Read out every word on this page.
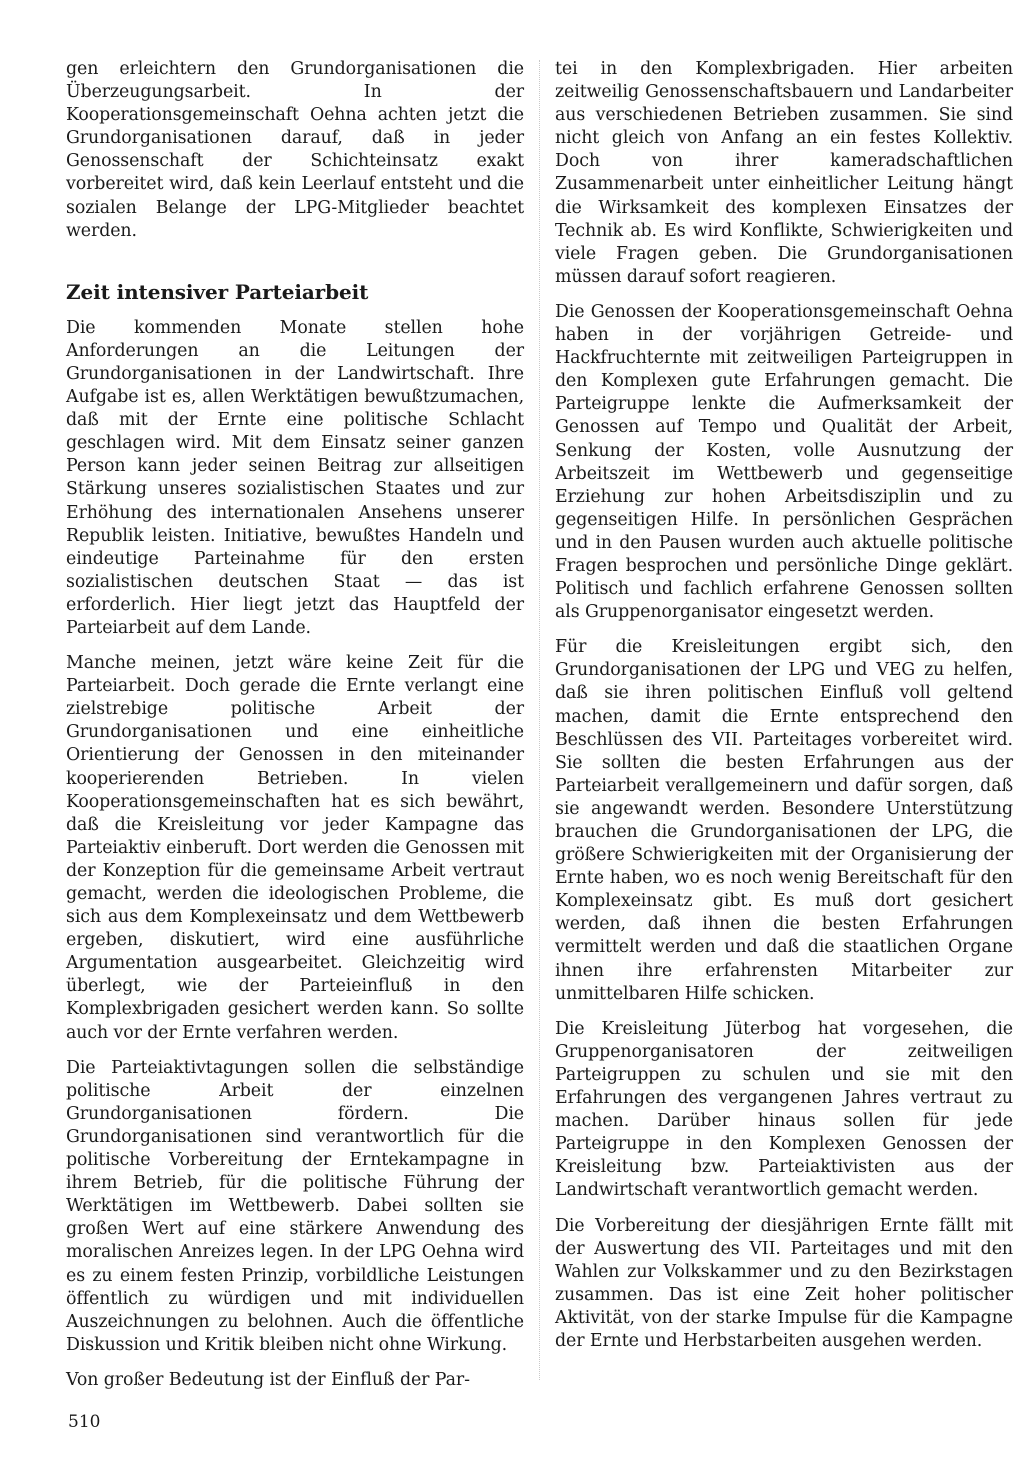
gen erleichtern den Grundorganisationen die Überzeugungsarbeit. In der Kooperationsgemeinschaft Oehna achten jetzt die Grundorganisationen darauf, daß in jeder Genossenschaft der Schichteinsatz exakt vorbereitet wird, daß kein Leerlauf entsteht und die sozialen Belange der LPG-Mitglieder beachtet werden.

Zeit intensiver Parteiarbeit

Die kommenden Monate stellen hohe Anforderungen an die Leitungen der Grundorganisationen in der Landwirtschaft. Ihre Aufgabe ist es, allen Werktätigen bewußtzumachen, daß mit der Ernte eine politische Schlacht geschlagen wird. Mit dem Einsatz seiner ganzen Person kann jeder seinen Beitrag zur allseitigen Stärkung unseres sozialistischen Staates und zur Erhöhung des internationalen Ansehens unserer Republik leisten. Initiative, bewußtes Handeln und eindeutige Parteinahme für den ersten sozialistischen deutschen Staat — das ist erforderlich. Hier liegt jetzt das Hauptfeld der Parteiarbeit auf dem Lande.

Manche meinen, jetzt wäre keine Zeit für die Parteiarbeit. Doch gerade die Ernte verlangt eine zielstrebige politische Arbeit der Grundorganisationen und eine einheitliche Orientierung der Genossen in den miteinander kooperierenden Betrieben. In vielen Kooperationsgemeinschaften hat es sich bewährt, daß die Kreisleitung vor jeder Kampagne das Parteiaktiv einberuft. Dort werden die Genossen mit der Konzeption für die gemeinsame Arbeit vertraut gemacht, werden die ideologischen Probleme, die sich aus dem Komplexeinsatz und dem Wettbewerb ergeben, diskutiert, wird eine ausführliche Argumentation ausgearbeitet. Gleichzeitig wird überlegt, wie der Parteieinfluß in den Komplexbrigaden gesichert werden kann. So sollte auch vor der Ernte verfahren werden.

Die Parteiaktivtagungen sollen die selbständige politische Arbeit der einzelnen Grundorganisationen fördern. Die Grundorganisationen sind verantwortlich für die politische Vorbereitung der Erntekampagne in ihrem Betrieb, für die politische Führung der Werktätigen im Wettbewerb. Dabei sollten sie großen Wert auf eine stärkere Anwendung des moralischen Anreizes legen. In der LPG Oehna wird es zu einem festen Prinzip, vorbildliche Leistungen öffentlich zu würdigen und mit individuellen Auszeichnungen zu belohnen. Auch die öffentliche Diskussion und Kritik bleiben nicht ohne Wirkung.

Von großer Bedeutung ist der Einfluß der Par-

tei in den Komplexbrigaden. Hier arbeiten zeitweilig Genossenschaftsbauern und Landarbeiter aus verschiedenen Betrieben zusammen. Sie sind nicht gleich von Anfang an ein festes Kollektiv. Doch von ihrer kameradschaftlichen Zusammenarbeit unter einheitlicher Leitung hängt die Wirksamkeit des komplexen Einsatzes der Technik ab. Es wird Konflikte, Schwierigkeiten und viele Fragen geben. Die Grundorganisationen müssen darauf sofort reagieren.

Die Genossen der Kooperationsgemeinschaft Oehna haben in der vorjährigen Getreide- und Hackfruchternte mit zeitweiligen Parteigruppen in den Komplexen gute Erfahrungen gemacht. Die Parteigruppe lenkte die Aufmerksamkeit der Genossen auf Tempo und Qualität der Arbeit, Senkung der Kosten, volle Ausnutzung der Arbeitszeit im Wettbewerb und gegenseitige Erziehung zur hohen Arbeitsdisziplin und zu gegenseitigen Hilfe. In persönlichen Gesprächen und in den Pausen wurden auch aktuelle politische Fragen besprochen und persönliche Dinge geklärt. Politisch und fachlich erfahrene Genossen sollten als Gruppenorganisator eingesetzt werden.

Für die Kreisleitungen ergibt sich, den Grundorganisationen der LPG und VEG zu helfen, daß sie ihren politischen Einfluß voll geltend machen, damit die Ernte entsprechend den Beschlüssen des VII. Parteitages vorbereitet wird. Sie sollten die besten Erfahrungen aus der Parteiarbeit verallgemeinern und dafür sorgen, daß sie angewandt werden. Besondere Unterstützung brauchen die Grundorganisationen der LPG, die größere Schwierigkeiten mit der Organisierung der Ernte haben, wo es noch wenig Bereitschaft für den Komplexeinsatz gibt. Es muß dort gesichert werden, daß ihnen die besten Erfahrungen vermittelt werden und daß die staatlichen Organe ihnen ihre erfahrensten Mitarbeiter zur unmittelbaren Hilfe schicken.

Die Kreisleitung Jüterbog hat vorgesehen, die Gruppenorganisatoren der zeitweiligen Parteigruppen zu schulen und sie mit den Erfahrungen des vergangenen Jahres vertraut zu machen. Darüber hinaus sollen für jede Parteigruppe in den Komplexen Genossen der Kreisleitung bzw. Parteiaktivisten aus der Landwirtschaft verantwortlich gemacht werden.

Die Vorbereitung der diesjährigen Ernte fällt mit der Auswertung des VII. Parteitages und mit den Wahlen zur Volkskammer und zu den Bezirkstagen zusammen. Das ist eine Zeit hoher politischer Aktivität, von der starke Impulse für die Kampagne der Ernte und Herbstarbeiten ausgehen werden.

510
